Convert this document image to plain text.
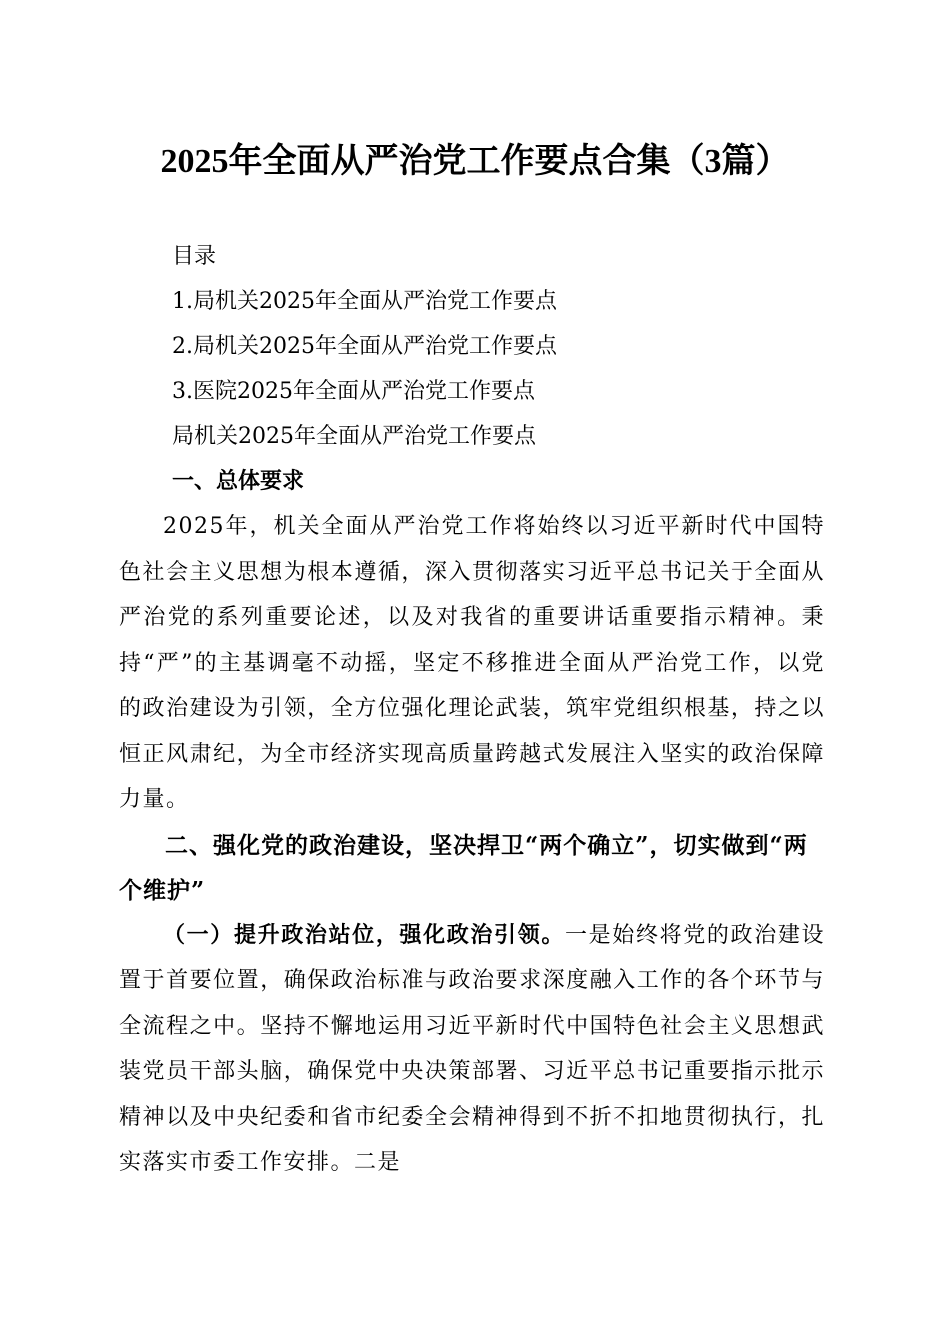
2025年全面从严治党工作要点合集（3篇）
目录
1.局机关2025年全面从严治党工作要点
2.局机关2025年全面从严治党工作要点
3.医院2025年全面从严治党工作要点
局机关2025年全面从严治党工作要点

一、总体要求

2025年，机关全面从严治党工作将始终以习近平新时代中国特色社会主义思想为根本遵循，深入贯彻落实习近平总书记关于全面从严治党的系列重要论述，以及对我省的重要讲话重要指示精神。秉持“严”的主基调毫不动摇，坚定不移推进全面从严治党工作，以党的政治建设为引领，全方位强化理论武装，筑牢党组织根基，持之以恒正风肃纪，为全市经济实现高质量跨越式发展注入坚实的政治保障力量。

二、强化党的政治建设，坚决捍卫“两个确立”，切实做到“两个维护”

（一）提升政治站位，强化政治引领。一是始终将党的政治建设置于首要位置，确保政治标准与政治要求深度融入工作的各个环节与全流程之中。坚持不懈地运用习近平新时代中国特色社会主义思想武装党员干部头脑，确保党中央决策部署、习近平总书记重要指示批示精神以及中央纪委和省市纪委全会精神得到不折不扣地贯彻执行，扎实落实市委工作安排。二是
